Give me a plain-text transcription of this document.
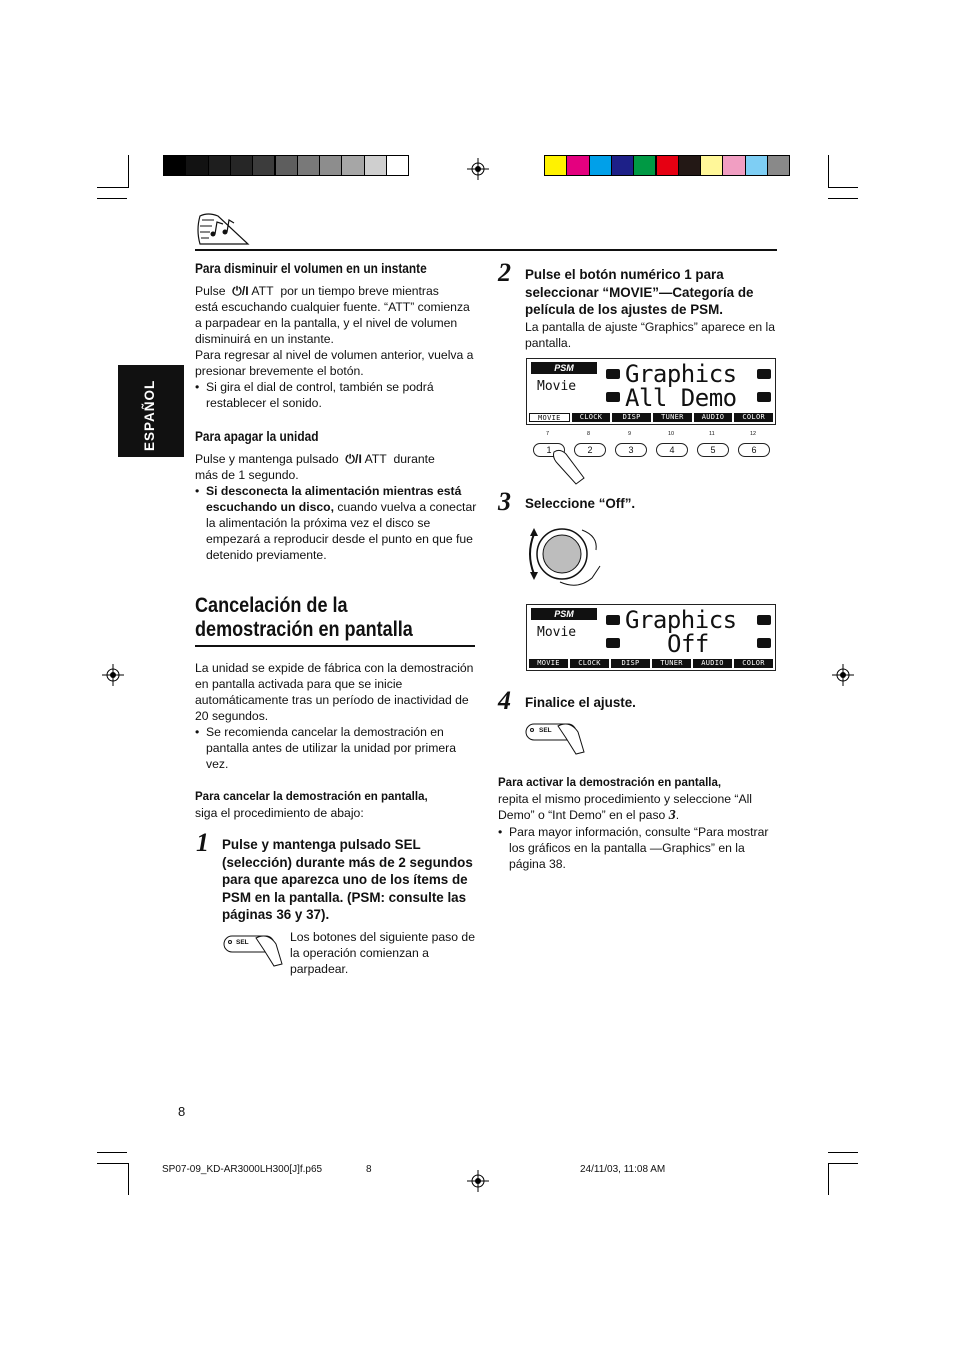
ESPAÑOL
Para disminuir el volumen en un instante
Pulse ⏻/I ATT por un tiempo breve mientras
está escuchando cualquier fuente. “ATT” comienza a parpadear en la pantalla, y el nivel de volumen disminuirá en un instante.
Para regresar al nivel de volumen anterior, vuelva a presionar brevemente el botón.
• Si gira el dial de control, también se podrá restablecer el sonido.
Para apagar la unidad
Pulse y mantenga pulsado ⏻/I ATT durante
más de 1 segundo.
• Si desconecta la alimentación mientras está escuchando un disco, cuando vuelva a conectar la alimentación la próxima vez el disco se empezará a reproducir desde el punto en que fue detenido previamente.
Cancelación de la
demostración en pantalla
La unidad se expide de fábrica con la demostración en pantalla activada para que se inicie automáticamente tras un período de inactividad de 20 segundos.
• Se recomienda cancelar la demostración en pantalla antes de utilizar la unidad por primera vez.
Para cancelar la demostración en pantalla,
siga el procedimiento de abajo:
1 Pulse y mantenga pulsado SEL (selección) durante más de 2 segundos para que aparezca uno de los ítems de PSM en la pantalla. (PSM: consulte las páginas 36 y 37).
SEL	Los botones del siguiente paso de la operación comienzan a parpadear.
2 Pulse el botón numérico 1 para seleccionar “MOVIE”—Categoría de película de los ajustes de PSM.
La pantalla de ajuste “Graphics” aparece en la pantalla.
PSM
Movie Graphics
All Demo
MOVIE	CLOCK	DISP	TUNER	AUDIO	COLOR
7	8	9	10	11	12
1	2	3	4	5	6
3 Seleccione “Off”.
PSM
Movie Graphics
Off
MOVIE	CLOCK	DISP	TUNER	AUDIO	COLOR
4 Finalice el ajuste.
SEL
Para activar la demostración en pantalla,
repita el mismo procedimiento y seleccione “All Demo” o “Int Demo” en el paso 3.
• Para mayor información, consulte “Para mostrar los gráficos en la pantalla —Graphics” en la página 38.
8
SP07-09_KD-AR3000LH300[J]f.p65	8	24/11/03, 11:08 AM
